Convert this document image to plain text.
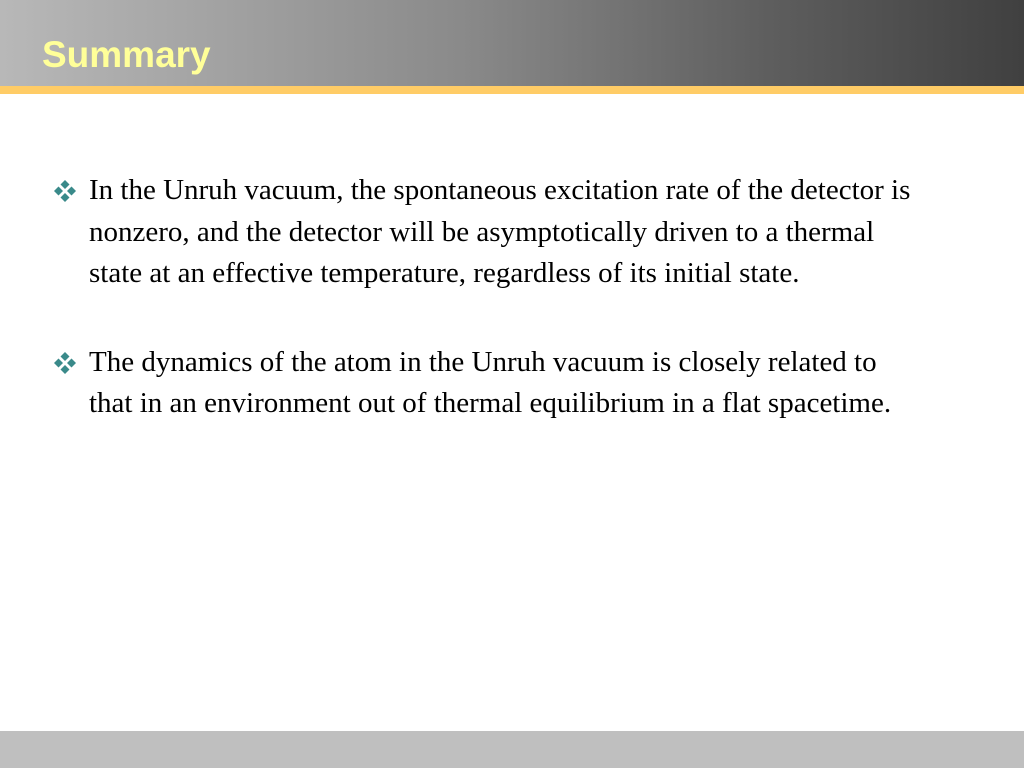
Summary
In the Unruh vacuum, the spontaneous excitation rate of the detector is nonzero, and the detector will be asymptotically driven to a thermal state at an effective temperature, regardless of its initial state.
The dynamics of the atom in the Unruh vacuum is closely related to that in an environment out of thermal equilibrium in a flat spacetime.
